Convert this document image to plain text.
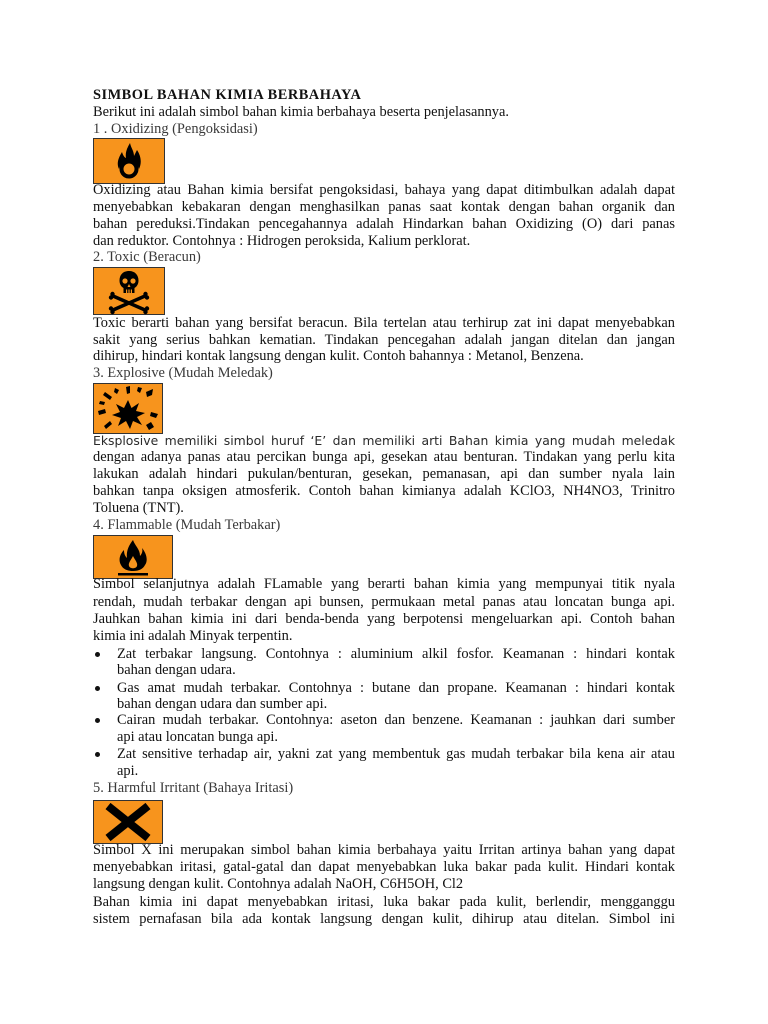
SIMBOL BAHAN KIMIA BERBAHAYA
Berikut ini adalah simbol bahan kimia berbahaya beserta penjelasannya.
1 . Oxidizing (Pengoksidasi)
Oxidizing atau Bahan kimia bersifat pengoksidasi, bahaya yang dapat ditimbulkan adalah dapat
menyebabkan kebakaran dengan menghasilkan panas saat kontak dengan bahan organik dan
bahan pereduksi.Tindakan pencegahannya adalah Hindarkan bahan Oxidizing (O) dari panas
dan reduktor. Contohnya : Hidrogen peroksida, Kalium perklorat.
2. Toxic (Beracun)
Toxic berarti bahan yang bersifat beracun. Bila tertelan atau terhirup zat ini dapat menyebabkan
sakit yang serius bahkan kematian. Tindakan pencegahan adalah jangan ditelan dan jangan
dihirup, hindari kontak langsung dengan kulit. Contoh bahannya : Metanol, Benzena.
3. Explosive (Mudah Meledak)
Eksplosive memiliki simbol huruf ‘E’ dan memiliki arti Bahan kimia yang mudah meledak
dengan adanya panas atau percikan bunga api, gesekan atau benturan. Tindakan yang perlu kita
lakukan adalah hindari pukulan/benturan, gesekan, pemanasan, api dan sumber nyala lain
bahkan tanpa oksigen atmosferik. Contoh bahan kimianya adalah KClO3, NH4NO3, Trinitro
Toluena (TNT).
4. Flammable (Mudah Terbakar)
Simbol selanjutnya adalah FLamable yang berarti bahan kimia yang mempunyai titik nyala
rendah, mudah terbakar dengan api bunsen, permukaan metal panas atau loncatan bunga api.
Jauhkan bahan kimia ini dari benda-benda yang berpotensi mengeluarkan api. Contoh bahan
kimia ini adalah Minyak terpentin.
Zat terbakar langsung. Contohnya : aluminium alkil fosfor. Keamanan : hindari kontak
bahan dengan udara.
Gas amat mudah terbakar. Contohnya : butane dan propane. Keamanan : hindari kontak
bahan dengan udara dan sumber api.
Cairan mudah terbakar. Contohnya: aseton dan benzene. Keamanan : jauhkan dari sumber
api atau loncatan bunga api.
Zat sensitive terhadap air, yakni zat yang membentuk gas mudah terbakar bila kena air atau
api.
5. Harmful Irritant (Bahaya Iritasi)
Simbol X ini merupakan simbol bahan kimia berbahaya yaitu Irritan artinya bahan yang dapat
menyebabkan iritasi, gatal-gatal dan dapat menyebabkan luka bakar pada kulit. Hindari kontak
langsung dengan kulit. Contohnya adalah NaOH, C6H5OH, Cl2
Bahan kimia ini dapat menyebabkan iritasi, luka bakar pada kulit, berlendir, mengganggu
sistem pernafasan bila ada kontak langsung dengan kulit, dihirup atau ditelan. Simbol ini
